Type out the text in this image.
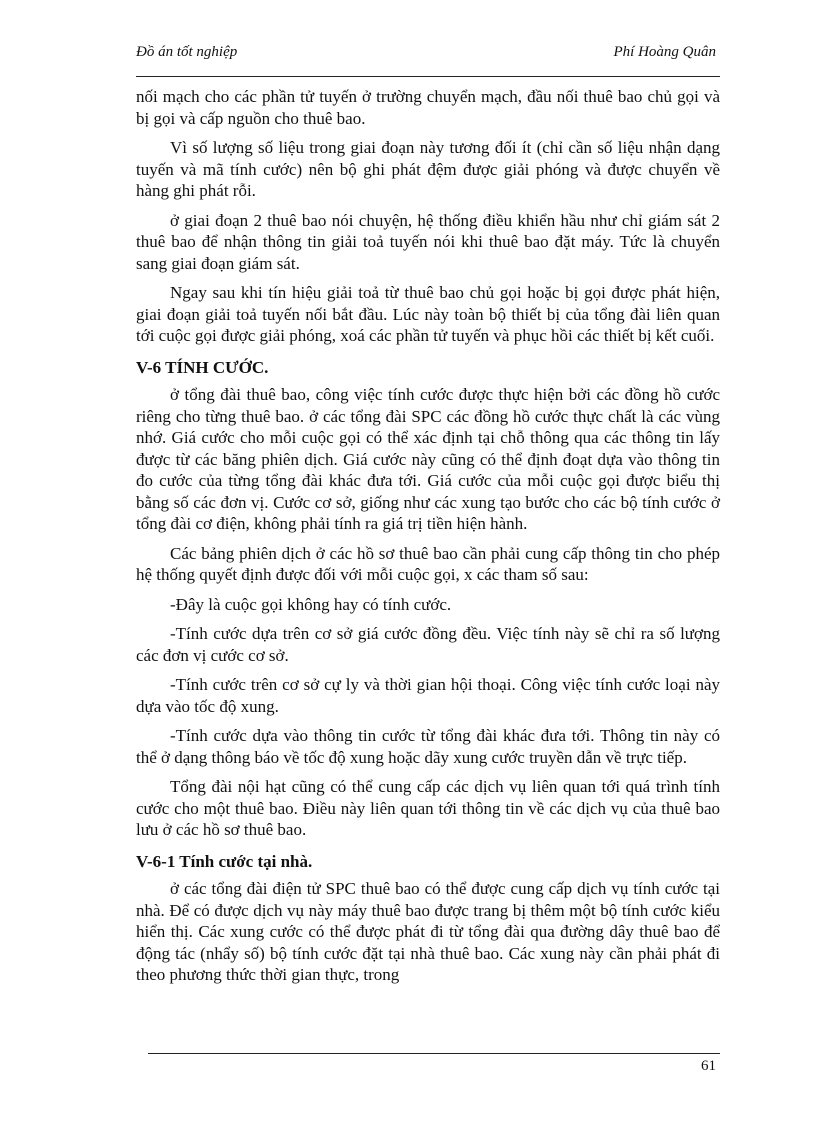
Đồ án tốt nghiệp	Phí Hoàng Quân

nối mạch cho các phần tử tuyến ở trường chuyển mạch, đầu nối thuê bao chủ gọi và bị gọi và cấp nguồn cho thuê bao.

Vì số lượng số liệu trong giai đoạn này tương đối ít (chỉ cần số liệu nhận dạng tuyến và mã tính cước) nên bộ ghi phát đệm được giải phóng và được chuyển về hàng ghi phát rỗi.

ở giai đoạn 2 thuê bao nói chuyện, hệ thống điều khiển hầu như chỉ giám sát 2 thuê bao để nhận thông tin giải toả tuyến nói khi thuê bao đặt máy. Tức là chuyển sang giai đoạn giám sát.

Ngay sau khi tín hiệu giải toả từ thuê bao chủ gọi hoặc bị gọi được phát hiện, giai đoạn giải toả tuyến nối bắt đầu. Lúc này toàn bộ thiết bị của tổng đài liên quan tới cuộc gọi được giải phóng, xoá các phần tử tuyến và phục hồi các thiết bị kết cuối.

V-6 TÍNH CƯỚC.

ở tổng đài thuê bao, công việc tính cước được thực hiện bởi các đồng hồ cước riêng cho từng thuê bao. ở các tổng đài SPC các đồng hồ cước thực chất là các vùng nhớ. Giá cước cho mỗi cuộc gọi có thể xác định tại chỗ thông qua các thông tin lấy được từ các băng phiên dịch. Giá cước này cũng có thể định đoạt dựa vào thông tin đo cước của từng tổng đài khác đưa tới. Giá cước của mỗi cuộc gọi được biểu thị bằng số các đơn vị. Cước cơ sở, giống như các xung tạo bước cho các bộ tính cước ở tổng đài cơ điện, không phải tính ra giá trị tiền hiện hành.

Các bảng phiên dịch ở các hồ sơ thuê bao cần phải cung cấp thông tin cho phép hệ thống quyết định được đối với mỗi cuộc gọi, x các tham số sau:

-Đây là cuộc gọi không hay có tính cước.

-Tính cước dựa trên cơ sở giá cước đồng đều. Việc tính này sẽ chỉ ra số lượng các đơn vị cước cơ sở.

-Tính cước trên cơ sở cự ly và thời gian hội thoại. Công việc tính cước loại này dựa vào tốc độ xung.

-Tính cước dựa vào thông tin cước từ tổng đài khác đưa tới. Thông tin này có thể ở dạng thông báo về tốc độ xung hoặc dãy xung cước truyền dẫn về trực tiếp.

Tổng đài nội hạt cũng có thể cung cấp các dịch vụ liên quan tới quá trình tính cước cho một thuê bao. Điều này liên quan tới thông tin về các dịch vụ của thuê bao lưu ở các hồ sơ thuê bao.

V-6-1 Tính cước tại nhà.

ở các tổng đài điện tử SPC thuê bao có thể được cung cấp dịch vụ tính cước tại nhà. Để có được dịch vụ này máy thuê bao được trang bị thêm một bộ tính cước kiểu hiển thị. Các xung cước có thể được phát đi từ tổng đài qua đường dây thuê bao để động tác (nhẩy số) bộ tính cước đặt tại nhà thuê bao. Các xung này cần phải phát đi theo phương thức thời gian thực, trong

61
